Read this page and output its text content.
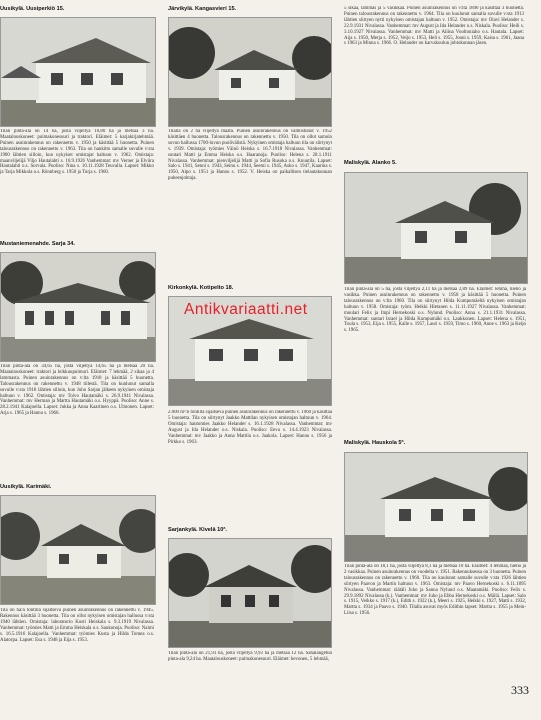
Uusikylä. Uusiperkiö 15.
Tilan pinta-ala on 14 ha, josta viljeltyä 10,80 ha ja metsää 3 ha. Maatalouskoneet: puimakonesuuri ja traktori. Eläimet: 5 karjakirjatehmää. Puinen asuinrakennus on rakennettu v. 1950 ja käsittää 5 huonetta. Puinen talousrakennus on rakennettu v. 1963. Tila on hankittu samalle suvulle v:sta 1900 lähtien silloin, kun nykyiset omistajat haltuun v. 1962. Omistaja: maanviljelijä Viljo Hautalahti s. 16.9.1926 Vanhemmat: mv Verner ja Elviira Hautalahti o.s. Sorvala. Puoliso: Nina s. 10.11.1928 Teuvalla. Lapset: Mikko ja Tarja Mikkola o.s. Rönnberg s. 1950 ja Turja s. 1960.
Mustaniemenahde. Sarja 34.
Tilan pinta-ala on 34,65 ha, josta viljeltyä 14,65 ha ja metsää 20 ha. Maatalouskoneet: traktori ja leikkuupuimuri. Eläimet: 7 lehmää, 2 sikaa ja 4 lammasta. Puinen asuinrakennus on v:lta 1918 ja käsittää 5 huonetta. Talousrakennus on rakennettu v. 1948 tiilestä. Tila on kuulunut samalla suvulle v:sta 1918 lähtien silloin, kun Juho Sarjan jälkeen nykyinen omistaja haltuun v. 1962. Omistaja: mv Toivo Hautamäki s. 26.9.1941 Nivalassa. Vanhemmat: mv Herman ja Martta Hautamäki o.s. Hyyppä. Puoliso: Anne s. 28.2.1941 Kalajoella. Lapset: Jukka ja Anna Kaartinen o.s. Ulmonen. Lapset: Arja s. 1965 ja Hannu s. 1966.
Uusikylä. Karimäki.
Tila on ha:n tontilla sijaitseva puinen asuinrakennus on rakennettu v. 1945. Rakennus käsittää 3 huonetta. Tila on ollut nykyisen omistajan hallussa v:sta 1940 lähtien. Omistaja: laboratorio Kusti Heiskala s. 9.3.1919 Nivalassa. Vanhemmat: työmies Matti ja Emma Heiskala o.s. Saukonoja. Puoliso: Naimi s. 16.5.1916 Kalajoella. Vanhemmat: työmies Kusta ja Hilda Tomea o.s. Alatorpa. Lapset: Esa s. 1948 ja Eija s. 1953.
Järvikylä. Kangasvieri 15.
Tilalla on 2 ha viljeltyä maata. Puinen asuinrakennus on valmistunut v. 1952 käsittäen 4 huonetta. Talousrakennus on rakennettu v. 1950. Tila on ollut samoin suvun hallussa 1700-luvun puolivälistä. Nykyinen omistaja haltuun tila on siirtynyt v. 1939. Omistaja: työmies Väinö Heiska s. 16.7.1918 Nivalassa. Vanhemmat: suntari Matti ja Emma Heiska o.s. Haaranoja. Puoliso: Helena s. 28.1.1911 Nivalassa. Vanhemmat: pienviljelijä Matti ja Sofia Rusoka o.s. Knuutila. Lapset: Salo s. 1941, Senni s. 1943, Seinu s. 1944, Seemi s. 1945, Asko s. 1947, Kaarina s. 1950, Alpo s. 1951 ja Hannu s. 1952. V. Heiska on paikallisen tielautakunnan puheenjohtaja.
Kirkonkylä. Kotipelto 18.
2.000 m²:n tontilla sijaitseva puinen asuinrakennus on rakennettu v. 1960 ja käsittää 5 huonetta. Tila on siirtynyt Jaakko Mattilan nykyisen omistajan haltuun v. 1964. Omistaja: hautomies Jaakko Helander s. 16.1.1928 Nivalassa. Vanhemmat: mv August ja Ida Helander o.s. Niskala. Puoliso: Eeva s. 14.4.1923 Nivalassa. Vanhemmat: mv Jaakko ja Anna Mattila o.s. Jaakola. Lapset: Hannu s. 1956 ja Pirkko s. 1963.
Sarjankylä. Kivelä 10ª.
Tilan pinta-ala on 21,93 ha, josta viljeltyä 9,93 ha ja metsää 12 ha. Sahalangetun pinta-ala 9,24 ha. Maatalouskoneet: puimakonesuuri. Eläimet: hevonen, 5 lehmää,
5 sikaa, lammas ja 5 vasikkaa. Puinen asuinrakennus on v:lta 1890 ja käsittää 3 huonetta. Puinen talousrakennus on rakennettu v. 1964. Tila on kuulunut samalla suvulle v:sta 1913 lähtien siirtyen nytti nykyisen omistajan haltuun v. 1952. Omistaja: mv Olavi Helander s. 22.9.1931 Nivalassa. Vanhemmat: mv August ja Ida Helander o.s. Niskala. Puoliso: Heili s. 3.10.1927 Nivalassa. Vanhemmat: mv Matti ja Aliina Vuoltoniaho o.s. Hautala. Lapset: Aija s. 1950, Merja s. 1952, Veijo s. 1953, Heli s. 1955, Jouni s. 1959, Kaisa s. 1961, Jaana s 1963 ja Minna s. 1966. O. Helander on karvakoulun johtokunnan jäsen.
Malisk̈ylä. Alanko 5.
Tilan pinta-ala on 5 ha, josta viljeltyä 2,11 ha ja metsää 2,89 ha. Eläimet: lehmä, hieho ja vasikka. Puinen asuinrakennus on rakennettu v. 1958 ja käsittää 5 huonetta. Puinen talousrakennus on v:lta 1960. Tila on siirtynyt Hilda Kumpumäeltä nykyisen omistajan haltuun v. 1958. Omistaja: työm. Heikki Hietanen s. 11.11.1927 Nivalassa. Vanhemmat: muulari Felix ja Impi Hernekoski o.s. Nylund. Puoliso: Anna s. 21.1.1931 Nivalassa. Vanhemmat: suntari Israel ja Hilda Kumpumäki o.s. Laukkonen. Lapset: Helena s. 1951, Toula s. 1953, Eija s. 1955, Kalle s. 1957, Lauri s. 1959, Timo s. 1960, Anne s. 1963 ja Keijo s. 1965.
Maliskylä. Hauskola 5ª.
Tilan pinta-ala on 18,1 ha, josta viljeltyä 8,1 ha ja metsää 10 ha. Eläimet: 4 lehmää, hieho ja 2 vasikkaa. Puinen asuinrakennus on vuodelta v. 1951. Rakennuksessa on 3 huonetta. Puinen talousrakennus on rakennettu v. 1960. Tila on kuulunut samalle suvulle v:sta 1926 lähtien siirtyen Paavon ja Martin haltuun v. 1963. Omistaja: mv Paavo Hernekoski s. 6.11.1895 Nivalassa. Vanhemmat: räätäli Juho ja Sanna Nylund o.s. Maatamäki. Puoliso: Felix s. 29.9.1892 Nivalassa (k.). Vanhemmat: mv Juho ja Ebba Hernekoski o.s. Mäilä. Lapset: Salo s. 1915, Veikko s. 1917 (k.), Edith s. 1922 (k.), Meeri s. 1925, Heikki s. 1927, Matti s. 1932, Martta s. 1934 ja Paavo s. 1940. Tilalla asuvat myös Edithin lapset: Martta s. 1955 ja Mein-Liisa s. 1956.
Antikvariaatti.net
333
